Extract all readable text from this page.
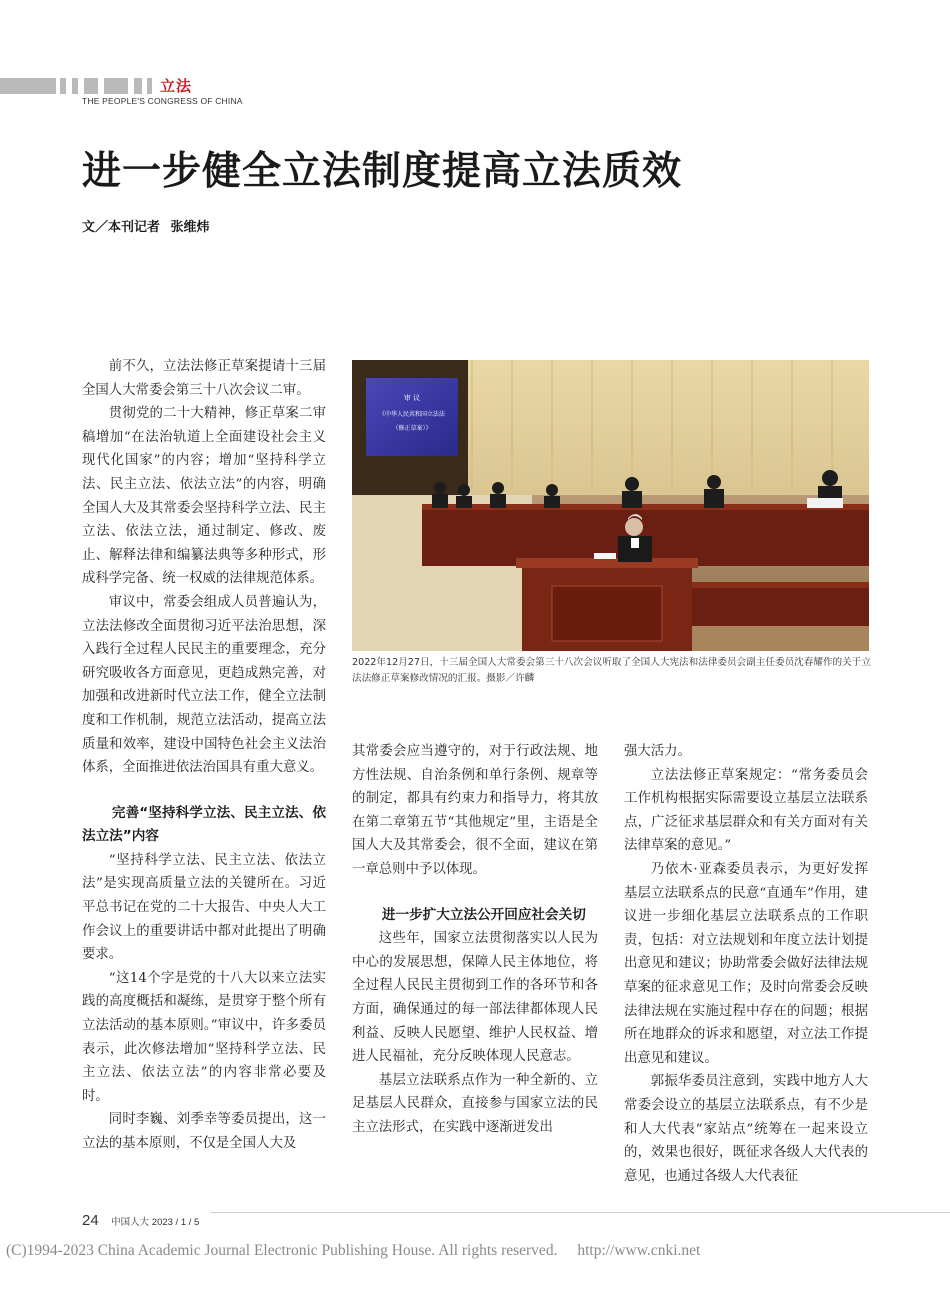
立法
THE PEOPLE'S CONGRESS OF CHINA
进一步健全立法制度提高立法质效
文／本刊记者 张维炜

前不久，立法法修正草案提请十三届全国人大常委会第三十八次会议二审。

贯彻党的二十大精神，修正草案二审稿增加“在法治轨道上全面建设社会主义现代化国家”的内容；增加“坚持科学立法、民主立法、依法立法”的内容，明确全国人大及其常委会坚持科学立法、民主立法、依法立法，通过制定、修改、废止、解释法律和编纂法典等多种形式，形成科学完备、统一权威的法律规范体系。

审议中，常委会组成人员普遍认为，立法法修改全面贯彻习近平法治思想，深入践行全过程人民民主的重要理念，充分研究吸收各方面意见，更趋成熟完善，对加强和改进新时代立法工作，健全立法制度和工作机制，规范立法活动，提高立法质量和效率，建设中国特色社会主义法治体系，全面推进依法治国具有重大意义。

完善“坚持科学立法、民主立法、依法立法”内容

“坚持科学立法、民主立法、依法立法”是实现高质量立法的关键所在。习近平总书记在党的二十大报告、中央人大工作会议上的重要讲话中都对此提出了明确要求。

“这14个字是党的十八大以来立法实践的高度概括和凝练，是贯穿于整个所有立法活动的基本原则。”审议中，许多委员表示，此次修法增加“坚持科学立法、民主立法、依法立法”的内容非常必要及时。

同时李巍、刘季幸等委员提出，这一立法的基本原则，不仅是全国人大及

审 议
《中华人民共和国立法法
（修正草案）》
2022年12月27日，十三届全国人大常委会第三十八次会议听取了全国人大宪法和法律委员会副主任委员沈春耀作的关于立法法修正草案修改情况的汇报。摄影／许麟

其常委会应当遵守的，对于行政法规、地方性法规、自治条例和单行条例、规章等的制定，都具有约束力和指导力，将其放在第二章第五节“其他规定”里，主语是全国人大及其常委会，很不全面，建议在第一章总则中予以体现。

进一步扩大立法公开回应社会关切

这些年，国家立法贯彻落实以人民为中心的发展思想，保障人民主体地位，将全过程人民民主贯彻到工作的各环节和各方面，确保通过的每一部法律都体现人民利益、反映人民愿望、维护人民权益、增进人民福祉，充分反映体现人民意志。

基层立法联系点作为一种全新的、立足基层人民群众，直接参与国家立法的民主立法形式，在实践中逐渐迸发出

强大活力。

立法法修正草案规定：“常务委员会工作机构根据实际需要设立基层立法联系点，广泛征求基层群众和有关方面对有关法律草案的意见。”

乃依木·亚森委员表示，为更好发挥基层立法联系点的民意“直通车”作用，建议进一步细化基层立法联系点的工作职责，包括：对立法规划和年度立法计划提出意见和建议；协助常委会做好法律法规草案的征求意见工作；及时向常委会反映法律法规在实施过程中存在的问题；根据所在地群众的诉求和愿望，对立法工作提出意见和建议。

郭振华委员注意到，实践中地方人大常委会设立的基层立法联系点，有不少是和人大代表“家站点”统筹在一起来设立的，效果也很好，既征求各级人大代表的意见，也通过各级人大代表征

24 中国人大 2023 / 1 / 5
(C)1994-2023 China Academic Journal Electronic Publishing House. All rights reserved. http://www.cnki.net
